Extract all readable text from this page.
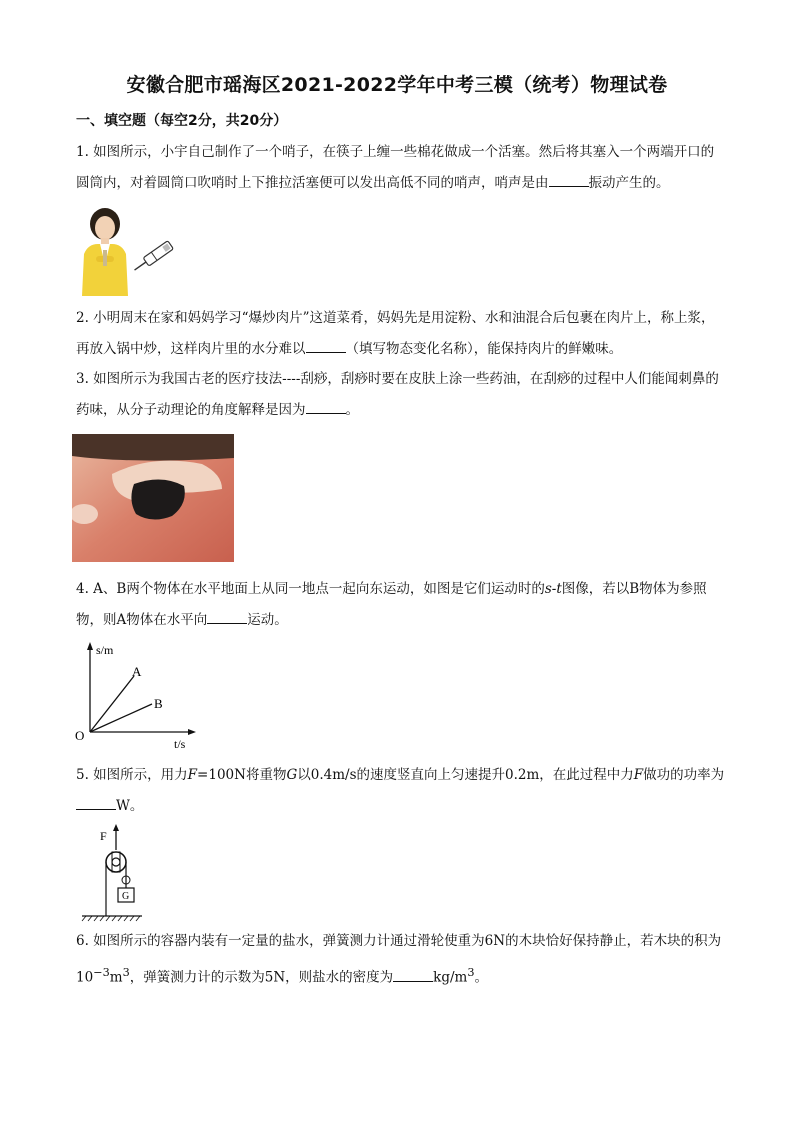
安徽合肥市瑶海区2021-2022学年中考三模（统考）物理试卷
一、填空题（每空2分，共20分）
1. 如图所示，小宇自己制作了一个哨子，在筷子上缠一些棉花做成一个活塞。然后将其塞入一个两端开口的圆筒内，对着圆筒口吹哨时上下推拉活塞便可以发出高低不同的哨声，哨声是由	振动产生的。
2. 小明周末在家和妈妈学习“爆炒肉片”这道菜肴，妈妈先是用淀粉、水和油混合后包裹在肉片上，称上浆，再放入锅中炒，这样肉片里的水分难以	（填写物态变化名称），能保持肉片的鲜嫩味。
3. 如图所示为我国古老的医疗技法----刮痧，刮痧时要在皮肤上涂一些药油，在刮痧的过程中人们能闻刺鼻的药味，从分子动理论的角度解释是因为	。
4. A、B两个物体在水平地面上从同一地点一起向东运动，如图是它们运动时的s-t图像，若以B物体为参照物，则A物体在水平向	运动。
s/m
t/s
O
A
B
5. 如图所示，用力F=100N将重物G以0.4m/s的速度竖直向上匀速提升0.2m，在此过程中力F做功的功率为W。
F
G
6. 如图所示的容器内装有一定量的盐水，弹簧测力计通过滑轮使重为6N的木块恰好保持静止，若木块的积为$10^{-3}m^3$，弹簧测力计的示数为5N，则盐水的密度为	$kg/m^3$。
